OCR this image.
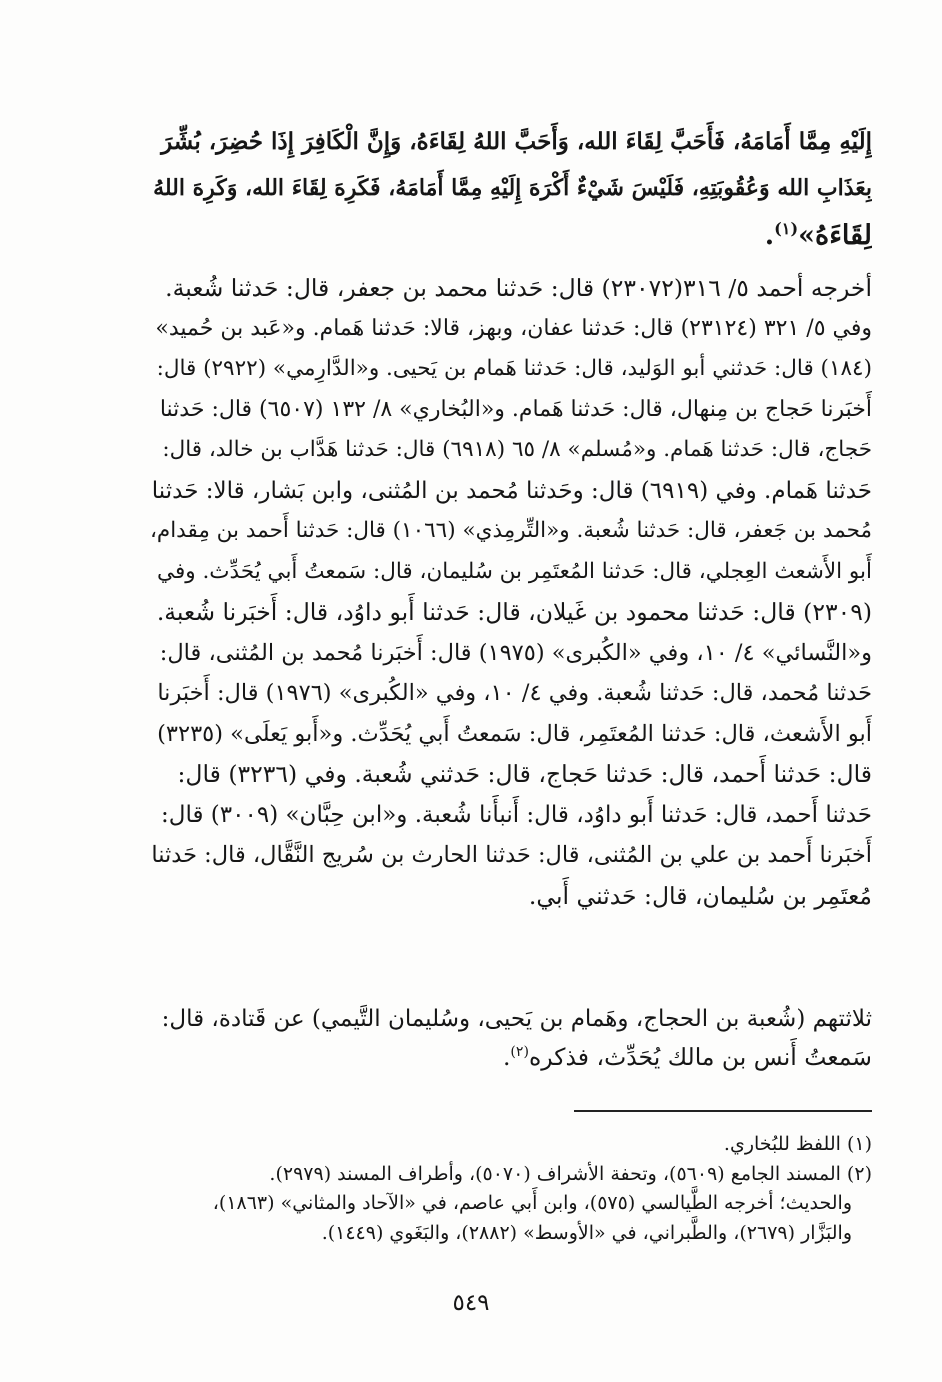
إِلَيْهِ مِمَّا أَمَامَهُ، فَأَحَبَّ لِقَاءَ الله، وَأَحَبَّ اللهُ لِقَاءَهُ، وَإِنَّ الْكَافِرَ إِذَا حُضِرَ، بُشِّرَ
بِعَذَابِ الله وَعُقُوبَتِهِ، فَلَيْسَ شَيْءٌ أَكْرَهَ إِلَيْهِ مِمَّا أَمَامَهُ، فَكَرِهَ لِقَاءَ الله، وَكَرِهَ اللهُ
لِقَاءَهُ»$^{(١)}$.
أخرجه أحمد ٥/ ٣١٦(٢٣٠٧٢) قال: حَدثنا محمد بن جعفر، قال: حَدثنا شُعبة.
وفي ٥/ ٣٢١ (٢٣١٢٤) قال: حَدثنا عفان، وبهز، قالا: حَدثنا هَمام. و«عَبد بن حُميد»
(١٨٤) قال: حَدثني أبو الوَليد، قال: حَدثنا هَمام بن يَحيى. و«الدَّارِمي» (٢٩٢٢) قال:
أَخبَرنا حَجاج بن مِنهال، قال: حَدثنا هَمام. و«البُخاري» ٨/ ١٣٢ (٦٥٠٧) قال: حَدثنا
حَجاج، قال: حَدثنا هَمام. و«مُسلم» ٨/ ٦٥ (٦٩١٨) قال: حَدثنا هَدَّاب بن خالد، قال:
حَدثنا هَمام. وفي (٦٩١٩) قال: وحَدثنا مُحمد بن المُثنى، وابن بَشار، قالا: حَدثنا
مُحمد بن جَعفر، قال: حَدثنا شُعبة. و«التِّرمِذي» (١٠٦٦) قال: حَدثنا أَحمد بن مِقدام،
أَبو الأَشعث العِجلي، قال: حَدثنا المُعتَمِر بن سُليمان، قال: سَمعتُ أَبي يُحَدِّث. وفي
(٢٣٠٩) قال: حَدثنا محمود بن غَيلان، قال: حَدثنا أَبو داوُد، قال: أَخبَرنا شُعبة.
و«النَّسائي» ٤/ ١٠، وفي «الكُبرى» (١٩٧٥) قال: أَخبَرنا مُحمد بن المُثنى، قال:
حَدثنا مُحمد، قال: حَدثنا شُعبة. وفي ٤/ ١٠، وفي «الكُبرى» (١٩٧٦) قال: أَخبَرنا
أَبو الأَشعث، قال: حَدثنا المُعتَمِر، قال: سَمعتُ أَبي يُحَدِّث. و«أَبو يَعلَى» (٣٢٣٥)
قال: حَدثنا أَحمد، قال: حَدثنا حَجاج، قال: حَدثني شُعبة. وفي (٣٢٣٦) قال:
حَدثنا أَحمد، قال: حَدثنا أَبو داوُد، قال: أَنبأَنا شُعبة. و«ابن حِبَّان» (٣٠٠٩) قال:
أَخبَرنا أَحمد بن علي بن المُثنى، قال: حَدثنا الحارث بن سُريج النَّقَّال، قال: حَدثنا
مُعتَمِر بن سُليمان، قال: حَدثني أَبي.
ثلاثتهم (شُعبة بن الحجاج، وهَمام بن يَحيى، وسُليمان التَّيمي) عن قَتادة، قال:
سَمعتُ أَنس بن مالك يُحَدِّث، فذكره$^{(٢)}$.
(١) اللفظ للبُخاري.
(٢) المسند الجامع (٥٦٠٩)، وتحفة الأشراف (٥٠٧٠)، وأطراف المسند (٢٩٧٩).
والحديث؛ أخرجه الطَّيالسي (٥٧٥)، وابن أَبي عاصم، في «الآحاد والمثاني» (١٨٦٣)،
والبَزَّار (٢٦٧٩)، والطَّبراني، في «الأوسط» (٢٨٨٢)، والبَغَوي (١٤٤٩).
٥٤٩
